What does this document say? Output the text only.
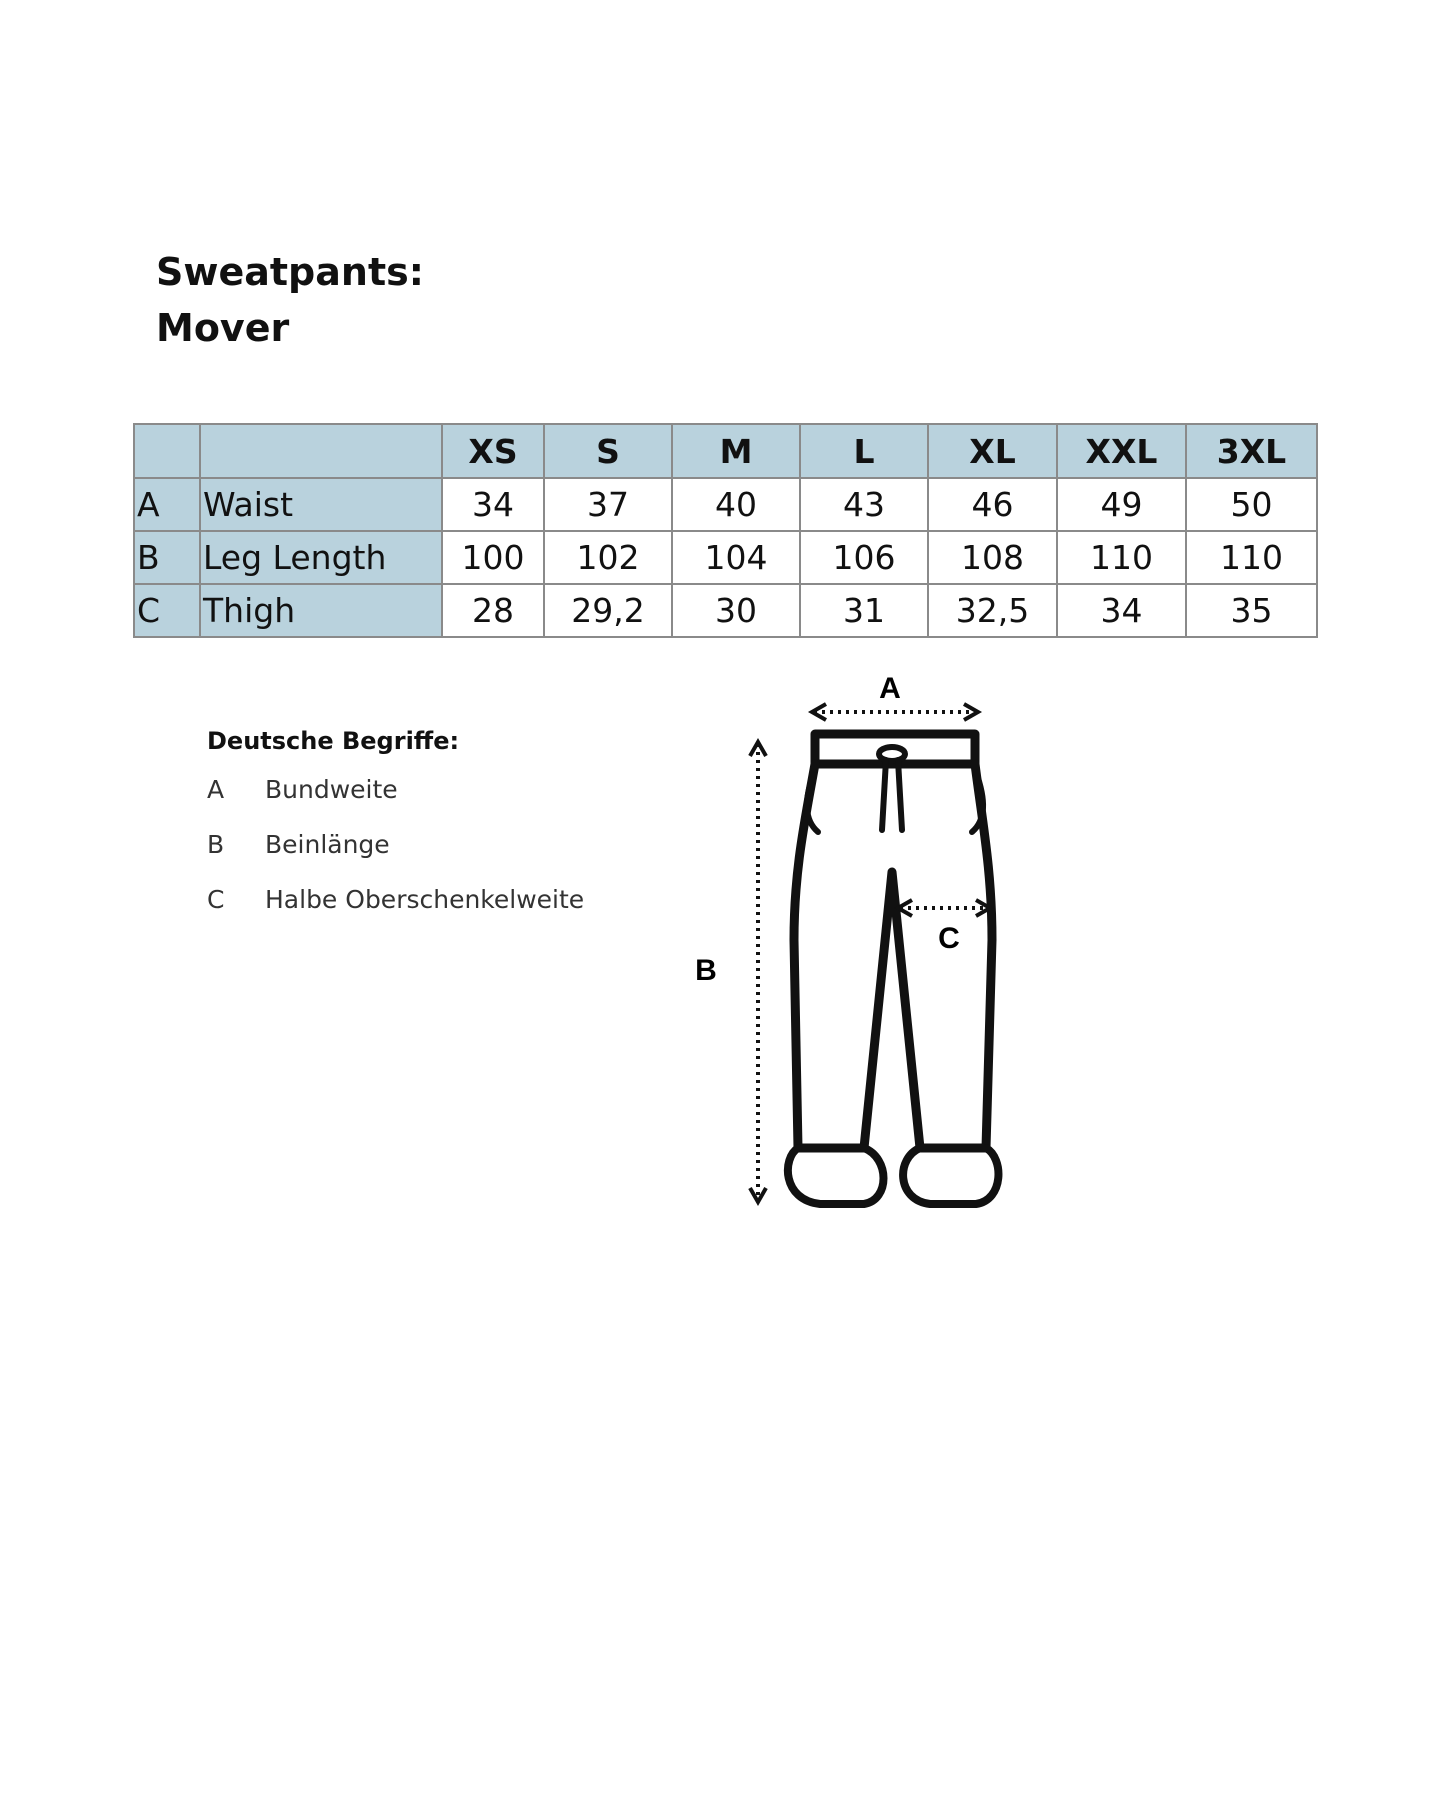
Sweatpants:
Mover
		XS	S	M	L	XL	XXL	3XL
A	Waist	34	37	40	43	46	49	50
B	Leg Length	100	102	104	106	108	110	110
C	Thigh	28	29,2	30	31	32,5	34	35
Deutsche Begriffe:
A	Bundweite
B	Beinlänge
C	Halbe Oberschenkelweite
A
B
C
